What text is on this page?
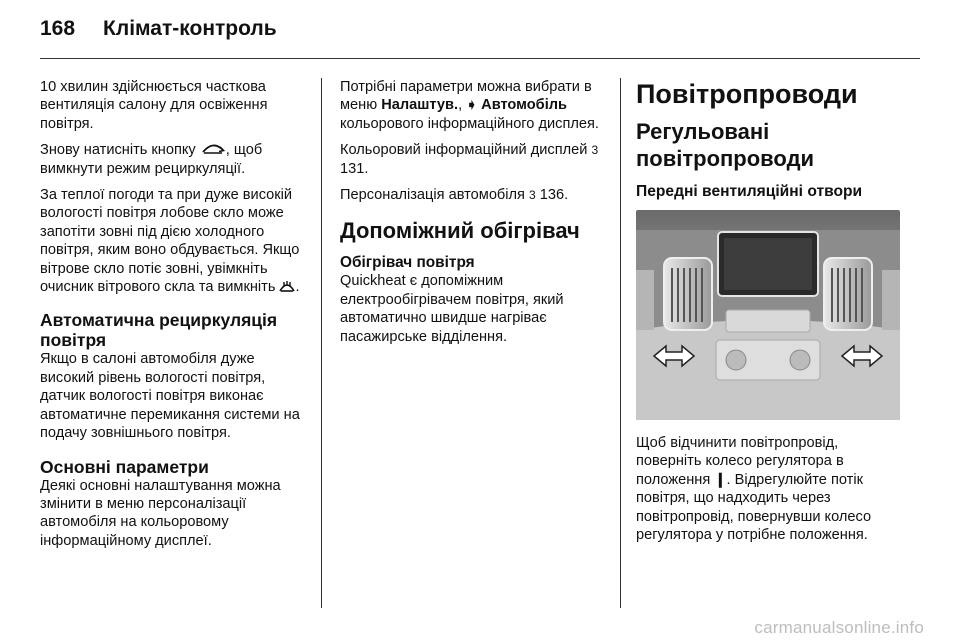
168 Клімат-контроль

10 хвилин здійснюється часткова вентиляція салону для освіження повітря.

Знову натисніть кнопку , щоб вимкнути режим рециркуляції.

За теплої погоди та при дуже високій вологості повітря лобове скло може запотіти зовні під дією холодного повітря, яким воно обдувається. Якщо вітрове скло потіє зовні, увімкніть очисник вітрового скла та вимкніть .

Автоматична рециркуляція повітря

Якщо в салоні автомобіля дуже високий рівень вологості повітря, датчик вологості повітря виконає автоматичне перемикання системи на подачу зовнішнього повітря.

Основні параметри

Деякі основні налаштування можна змінити в меню персоналізації автомобіля на кольоровому інформаційному дисплеї.

Потрібні параметри можна вибрати в меню Налаштув., ➧ Автомобіль кольорового інформаційного дисплея.

Кольоровий інформаційний дисплей 3 131.

Персоналізація автомобіля 3 136.

Допоміжний обігрівач
Обігрівач повітря

Quickheat є допоміжним електрообігрівачем повітря, який автоматично швидше нагріває пасажирське відділення.

Повітропроводи
Регульовані повітропроводи
Передні вентиляційні отвори

Щоб відчинити повітропровід, поверніть колесо регулятора в положення ❙. Відрегулюйте потік повітря, що надходить через повітропровід, повернувши колесо регулятора у потрібне положення.

carmanualsonline.info
